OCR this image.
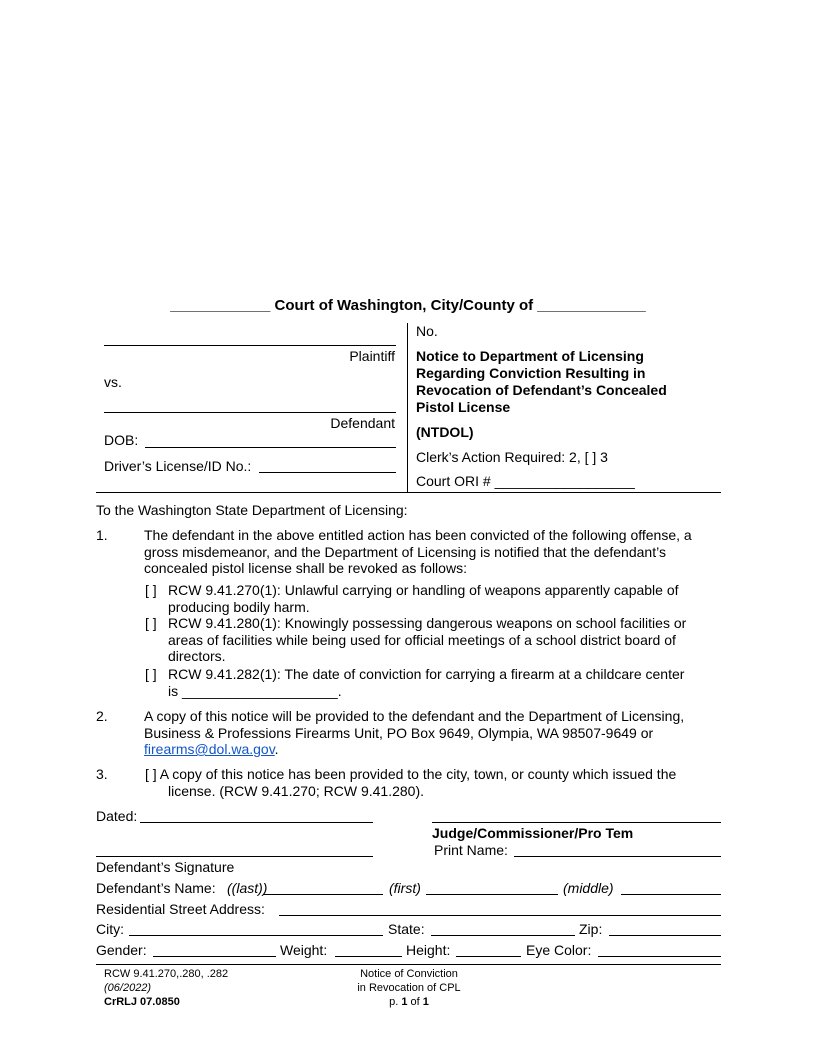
____________ Court of Washington, City/County of _____________
Plaintiff
vs.
Defendant
DOB:
Driver’s License/ID No.:
No.
Notice to Department of Licensing
Regarding Conviction Resulting in
Revocation of Defendant’s Concealed
Pistol License
(NTDOL)
Clerk’s Action Required: 2, [ ] 3
Court ORI # __________________
To the Washington State Department of Licensing:
1.	The defendant in the above entitled action has been convicted of the following offense, a
gross misdemeanor, and the Department of Licensing is notified that the defendant’s
concealed pistol license shall be revoked as follows:
[ ] RCW 9.41.270(1): Unlawful carrying or handling of weapons apparently capable of
producing bodily harm.
[ ] RCW 9.41.280(1): Knowingly possessing dangerous weapons on school facilities or
areas of facilities while being used for official meetings of a school district board of
directors.
[ ] RCW 9.41.282(1): The date of conviction for carrying a firearm at a childcare center
is ____________________.
2.	A copy of this notice will be provided to the defendant and the Department of Licensing,
Business & Professions Firearms Unit, PO Box 9649, Olympia, WA 98507-9649 or
firearms@dol.wa.gov.
3.	[ ] A copy of this notice has been provided to the city, town, or county which issued the
license. (RCW 9.41.270; RCW 9.41.280).
Dated:
Judge/Commissioner/Pro Tem
Print Name:
Defendant’s Signature
Defendant’s Name: ((last))	(first)	(middle)
Residential Street Address:
City:	State:	Zip:
Gender:	Weight:	Height:	Eye Color:
RCW 9.41.270,.280, .282
(06/2022)
CrRLJ 07.0850
Notice of Conviction
in Revocation of CPL
p. 1 of 1
